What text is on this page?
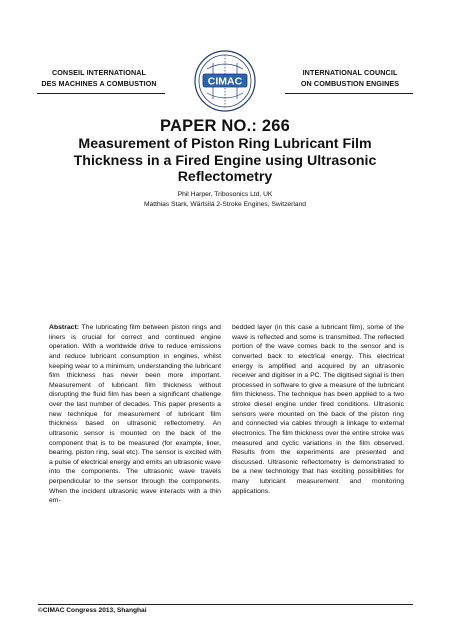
CONSEIL INTERNATIONAL
DES MACHINES A COMBUSTION	CIMAC
INTERNATIONAL COUNCIL
ON COMBUSTION ENGINES
PAPER NO.: 266
Measurement of Piston Ring Lubricant Film
Thickness in a Fired Engine using Ultrasonic
Reflectometry
Phil Harper, Tribosonics Ltd, UK
Matthias Stark, Wärtsilä 2-Stroke Engines, Switzerland
Abstract: The lubricating film between piston rings and liners is crucial for correct and continued engine operation. With a worldwide drive to reduce emissions and reduce lubricant consumption in engines, whilst keeping wear to a minimum, understanding the lubricant film thickness has never been more important. Measurement of lubricant film thickness without disrupting the fluid film has been a significant challenge over the last number of decades. This paper presents a new technique for measurement of lubricant film thickness based on ultrasonic reflectometry. An ultrasonic sensor is mounted on the back of the component that is to be measured (for example, liner, bearing, piston ring, seal etc). The sensor is excited with a pulse of electrical energy and emits an ultrasonic wave into the components. The ultrasonic wave travels perpendicular to the sensor through the components. When the incident ultrasonic wave interacts with a thin em-
bedded layer (in this case a lubricant film), some of the wave is reflected and some is transmitted. The reflected portion of the wave comes back to the sensor and is converted back to electrical energy. This electrical energy is amplified and acquired by an ultrasonic receiver and digitiser in a PC. The digitised signal is then processed in software to give a measure of the lubricant film thickness. The technique has been applied to a two stroke diesel engine under fired conditions. Ultrasonic sensors were mounted on the back of the piston ring and connected via cables through a linkage to external electronics. The film thickness over the entire stroke was measured and cyclic variations in the film observed. Results from the experiments are presented and discussed. Ultrasonic reflectometry is demonstrated to be a new technology that has exciting possibilities for many lubricant measurement and monitoring applications.
©CIMAC Congress 2013, Shanghai
